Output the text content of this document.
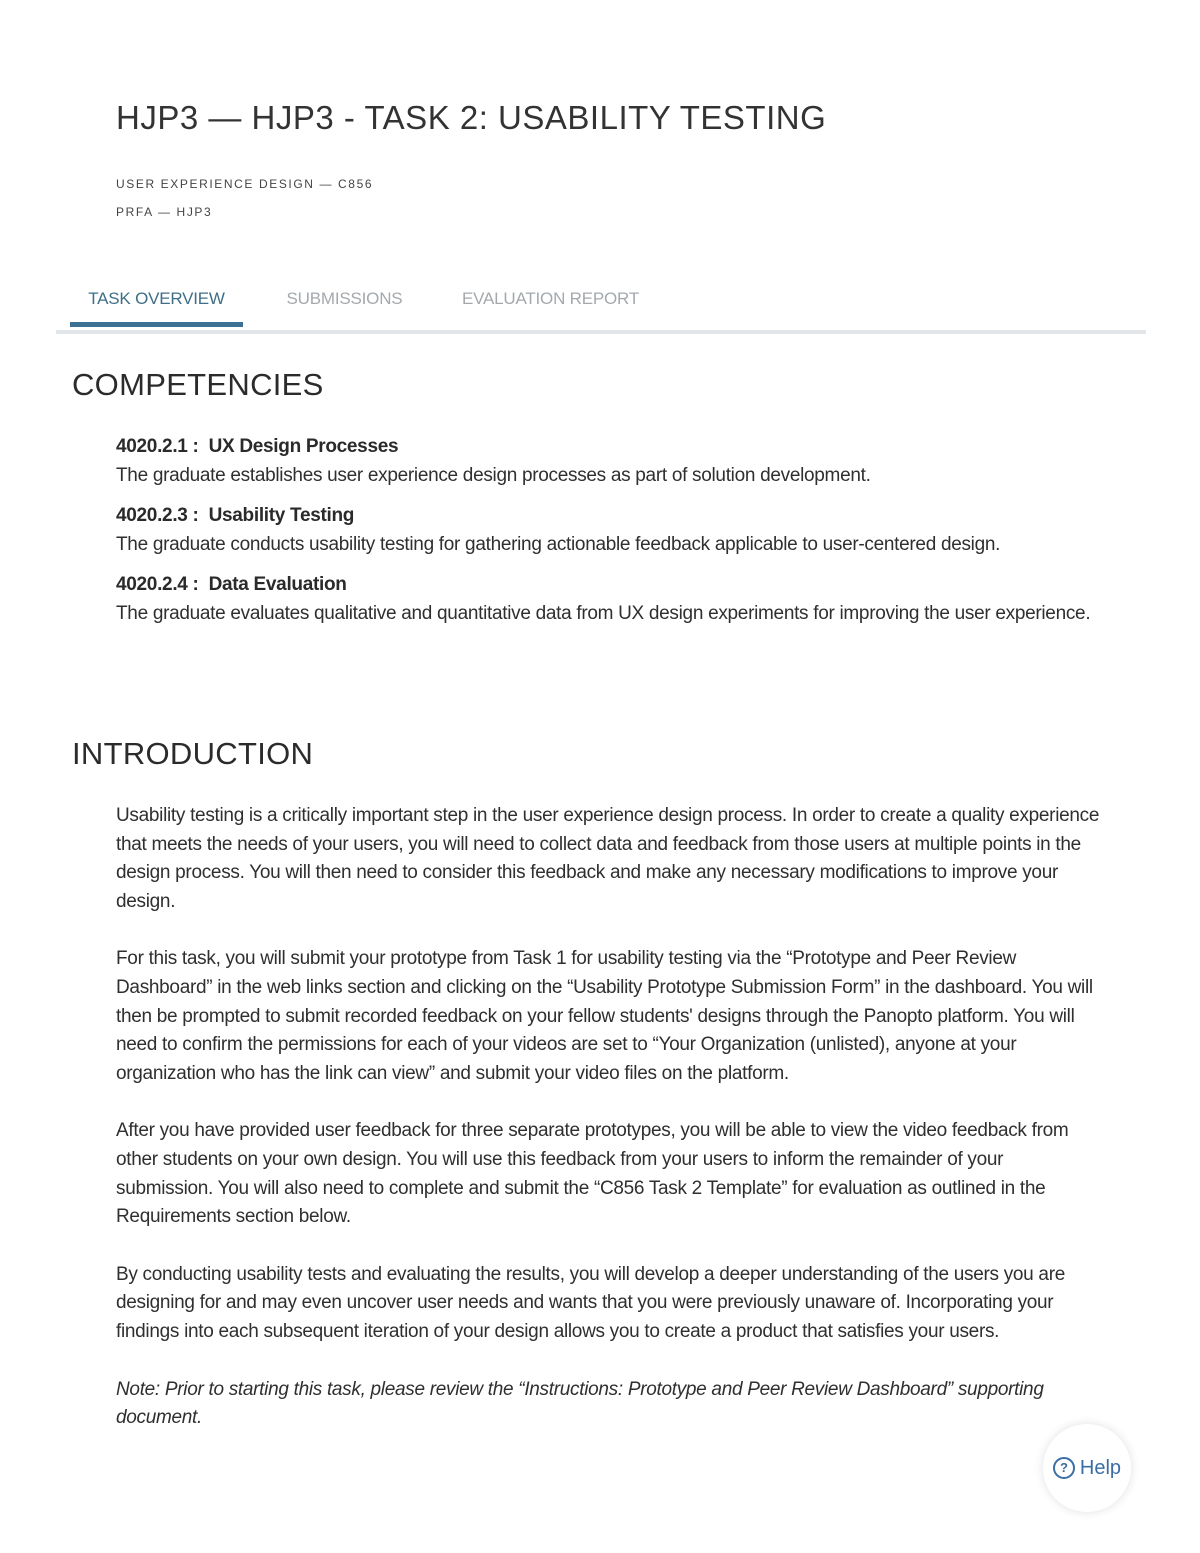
HJP3 — HJP3 - TASK 2: USABILITY TESTING
USER EXPERIENCE DESIGN — C856
PRFA — HJP3
TASK OVERVIEW	SUBMISSIONS	EVALUATION REPORT
COMPETENCIES
4020.2.1 : UX Design Processes
The graduate establishes user experience design processes as part of solution development.
4020.2.3 : Usability Testing
The graduate conducts usability testing for gathering actionable feedback applicable to user-centered design.
4020.2.4 : Data Evaluation
The graduate evaluates qualitative and quantitative data from UX design experiments for improving the user experience.
INTRODUCTION

Usability testing is a critically important step in the user experience design process. In order to create a quality experience that meets the needs of your users, you will need to collect data and feedback from those users at multiple points in the design process. You will then need to consider this feedback and make any necessary modifications to improve your design.

For this task, you will submit your prototype from Task 1 for usability testing via the “Prototype and Peer Review Dashboard” in the web links section and clicking on the “Usability Prototype Submission Form” in the dashboard. You will then be prompted to submit recorded feedback on your fellow students' designs through the Panopto platform. You will need to confirm the permissions for each of your videos are set to “Your Organization (unlisted), anyone at your organization who has the link can view” and submit your video files on the platform.

After you have provided user feedback for three separate prototypes, you will be able to view the video feedback from other students on your own design. You will use this feedback from your users to inform the remainder of your submission. You will also need to complete and submit the “C856 Task 2 Template” for evaluation as outlined in the Requirements section below.

By conducting usability tests and evaluating the results, you will develop a deeper understanding of the users you are designing for and may even uncover user needs and wants that you were previously unaware of. Incorporating your findings into each subsequent iteration of your design allows you to create a product that satisfies your users.

Note: Prior to starting this task, please review the “Instructions: Prototype and Peer Review Dashboard” supporting document.

? Help
